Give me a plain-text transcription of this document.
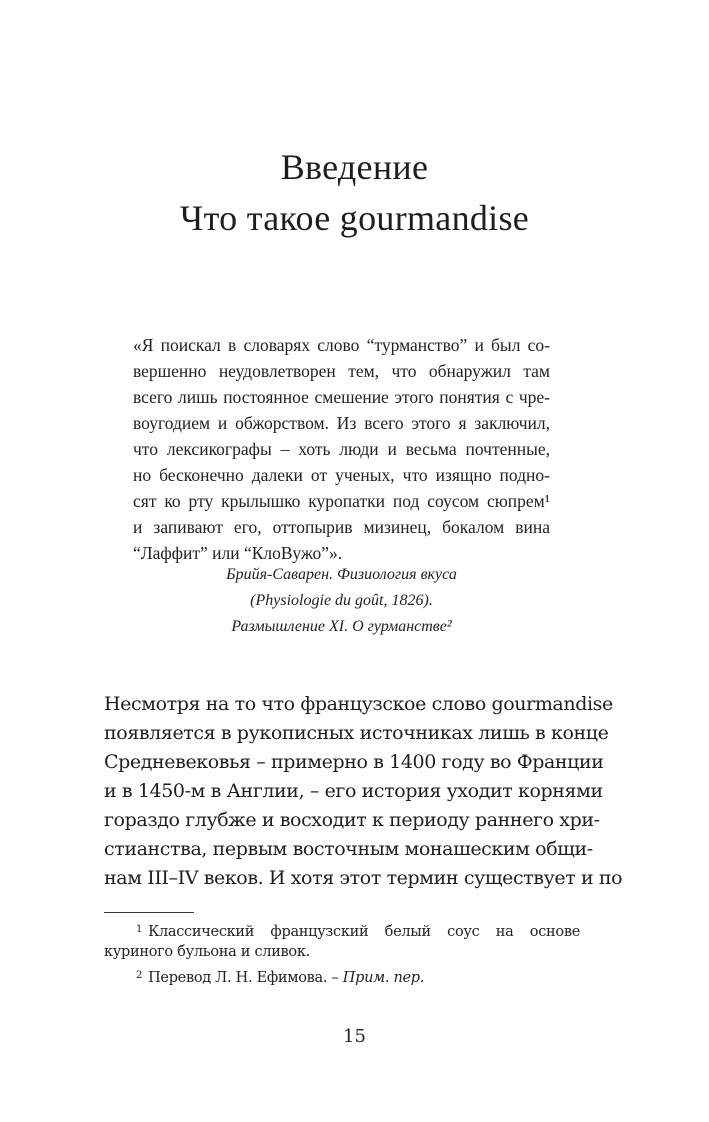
Введение
Что такое gourmandise
«Я поискал в словарях слово “турманство” и был со-
вершенно неудовлетворен тем, что обнаружил там
всего лишь постоянное смешение этого понятия с чре-
воугодием и обжорством. Из всего этого я заключил,
что лексикографы – хоть люди и весьма почтенные,
но бесконечно далеки от ученых, что изящно подно-
сят ко рту крылышко куропатки под соусом сюпрем¹
и запивают его, оттопырив мизинец, бокалом вина
“Лаффит” или “КлоВужо”».
Брийя-Саварен. Физиология вкуса
(Physiologie du goût, 1826).
Размышление XI. О гурманстве²
Несмотря на то что французское слово gourmandise
появляется в рукописных источниках лишь в конце
Средневековья – примерно в 1400 году во Франции
и в 1450-м в Англии, – его история уходит корнями
гораздо глубже и восходит к периоду раннего хри-
стианства, первым восточным монашеским общи-
нам III–IV веков. И хотя этот термин существует и по
$^1$ Классический французский белый соус на основе
куриного бульона и сливок.
$^2$ Перевод Л. Н. Ефимова. – Прим. пер.
15
